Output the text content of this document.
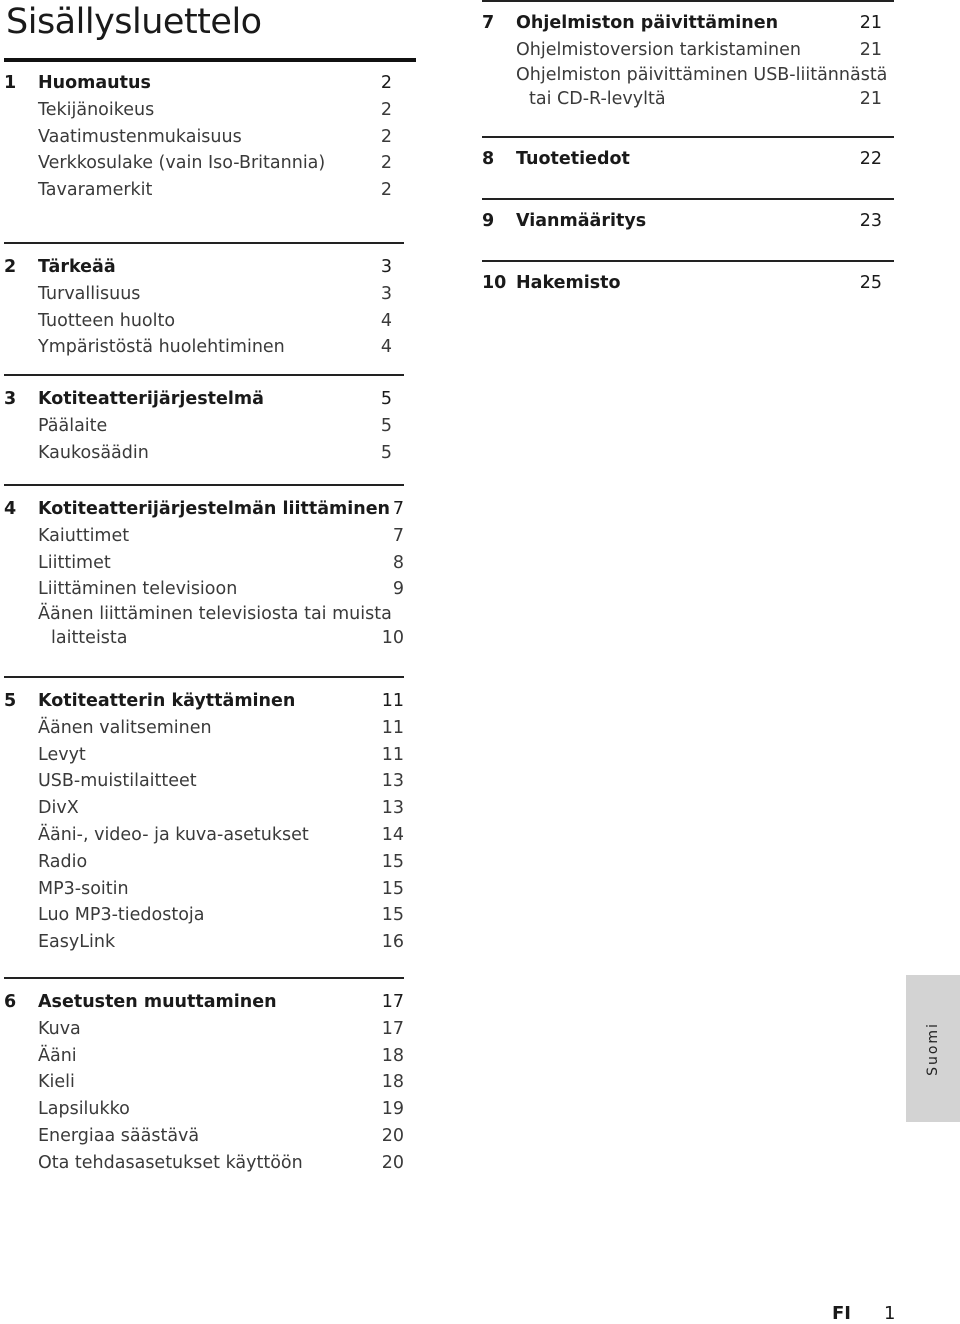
Sisällysluettelo
1 Huomautus	2
Tekijänoikeus	2
Vaatimustenmukaisuus	2
Verkkosulake (vain Iso-Britannia)	2
Tavaramerkit	2
2 Tärkeää	3
Turvallisuus	3
Tuotteen huolto	4
Ympäristöstä huolehtiminen	4
3 Kotiteatterijärjestelmä	5
Päälaite	5
Kaukosäädin	5
4 Kotiteatterijärjestelmän liittäminen 7
Kaiuttimet	7
Liittimet	8
Liittäminen televisioon	9
Äänen liittäminen televisiosta tai muista
laitteista	10
5 Kotiteatterin käyttäminen	11
Äänen valitseminen	11
Levyt	11
USB-muistilaitteet	13
DivX	13
Ääni-, video- ja kuva-asetukset	14
Radio	15
MP3-soitin	15
Luo MP3-tiedostoja	15
EasyLink	16
6 Asetusten muuttaminen	17
Kuva	17
Ääni	18
Kieli	18
Lapsilukko	19
Energiaa säästävä	20
Ota tehdasasetukset käyttöön	20
7 Ohjelmiston päivittäminen	21
Ohjelmistoversion tarkistaminen	21
Ohjelmiston päivittäminen USB-liitännästä
tai CD-R-levyltä	21
8 Tuotetiedot	22
9 Vianmääritys	23
10 Hakemisto	25
Suomi
FI 1
